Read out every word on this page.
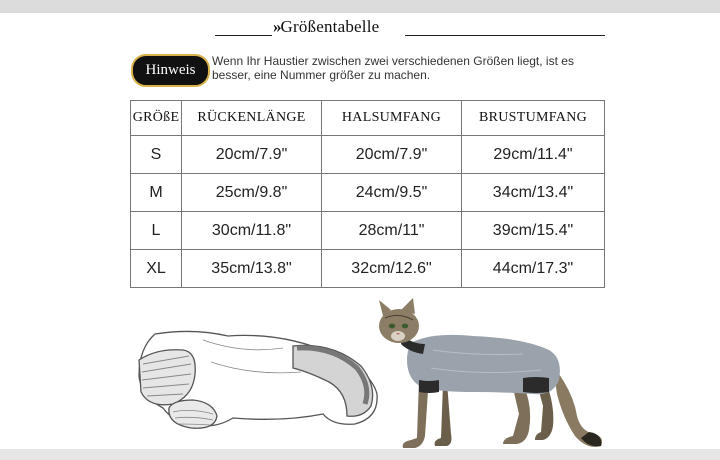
»Größentabelle
Hinweis
Wenn Ihr Haustier zwischen zwei verschiedenen Größen liegt, ist es besser, eine Nummer größer zu machen.
GRÖßE	RÜCKENLÄNGE	HALSUMFANG	BRUSTUMFANG
S	20cm/7.9"	20cm/7.9"	29cm/11.4"
M	25cm/9.8"	24cm/9.5"	34cm/13.4"
L	30cm/11.8"	28cm/11"	39cm/15.4"
XL	35cm/13.8"	32cm/12.6"	44cm/17.3"
